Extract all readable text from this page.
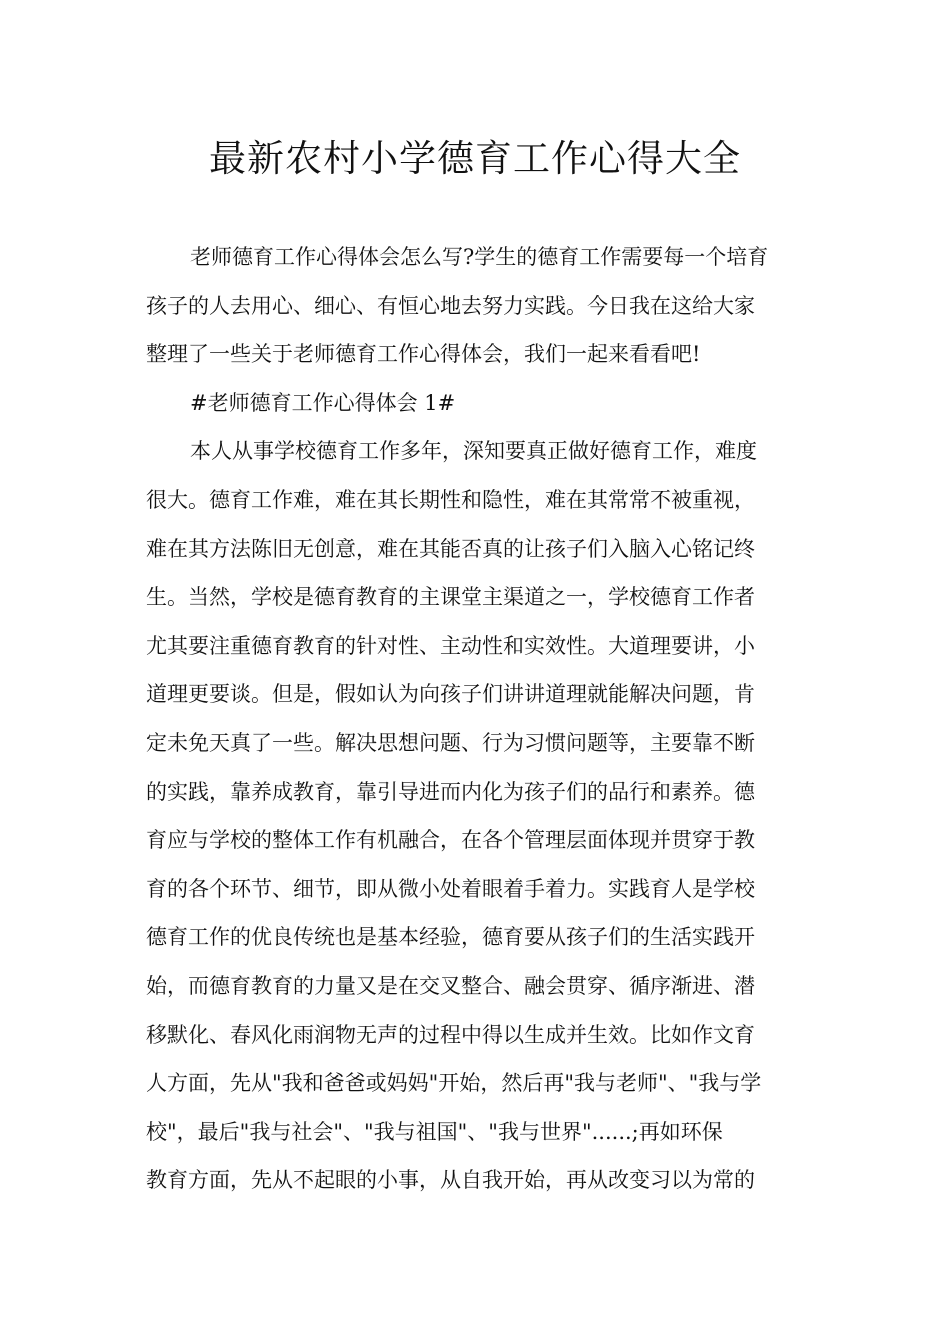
最新农村小学德育工作心得大全
老师德育工作心得体会怎么写?学生的德育工作需要每一个培育
孩子的人去用心、细心、有恒心地去努力实践。今日我在这给大家
整理了一些关于老师德育工作心得体会，我们一起来看看吧!
#老师德育工作心得体会 1#
本人从事学校德育工作多年，深知要真正做好德育工作，难度
很大。德育工作难，难在其长期性和隐性，难在其常常不被重视，
难在其方法陈旧无创意，难在其能否真的让孩子们入脑入心铭记终
生。当然，学校是德育教育的主课堂主渠道之一，学校德育工作者
尤其要注重德育教育的针对性、主动性和实效性。大道理要讲，小
道理更要谈。但是，假如认为向孩子们讲讲道理就能解决问题，肯
定未免天真了一些。解决思想问题、行为习惯问题等，主要靠不断
的实践，靠养成教育，靠引导进而内化为孩子们的品行和素养。德
育应与学校的整体工作有机融合，在各个管理层面体现并贯穿于教
育的各个环节、细节，即从微小处着眼着手着力。实践育人是学校
德育工作的优良传统也是基本经验，德育要从孩子们的生活实践开
始，而德育教育的力量又是在交叉整合、融会贯穿、循序渐进、潜
移默化、春风化雨润物无声的过程中得以生成并生效。比如作文育
人方面，先从"我和爸爸或妈妈"开始，然后再"我与老师"、"我与学
校"，最后"我与社会"、"我与祖国"、"我与世界"......;再如环保
教育方面，先从不起眼的小事，从自我开始，再从改变习以为常的
